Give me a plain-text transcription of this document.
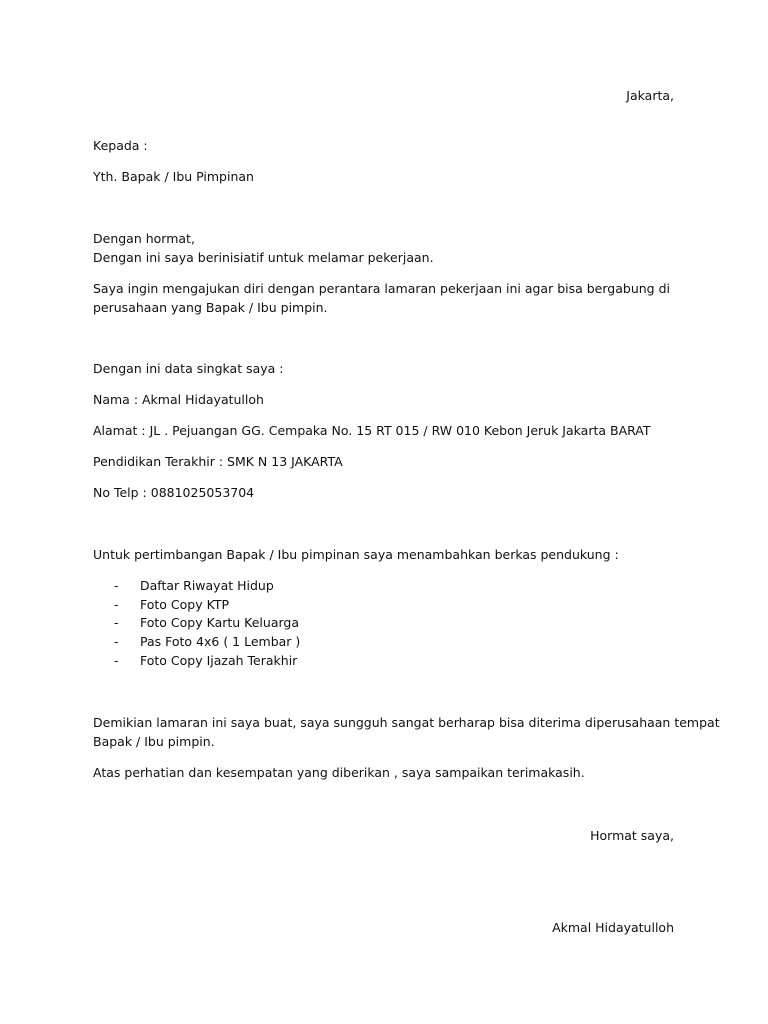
Jakarta,
Kepada :
Yth. Bapak / Ibu Pimpinan
Dengan hormat,
Dengan ini saya berinisiatif untuk melamar pekerjaan.
Saya ingin mengajukan diri dengan perantara lamaran pekerjaan ini agar bisa bergabung di
perusahaan yang Bapak / Ibu pimpin.
Dengan ini data singkat saya :
Nama : Akmal Hidayatulloh
Alamat : JL . Pejuangan GG. Cempaka No. 15 RT 015 / RW 010 Kebon Jeruk Jakarta BARAT
Pendidikan Terakhir : SMK N 13 JAKARTA
No Telp : 0881025053704
Untuk pertimbangan Bapak / Ibu pimpinan saya menambahkan berkas pendukung :
- Daftar Riwayat Hidup
- Foto Copy KTP
- Foto Copy Kartu Keluarga
- Pas Foto 4x6 ( 1 Lembar )
- Foto Copy Ijazah Terakhir
Demikian lamaran ini saya buat, saya sungguh sangat berharap bisa diterima diperusahaan tempat
Bapak / Ibu pimpin.
Atas perhatian dan kesempatan yang diberikan , saya sampaikan terimakasih.
Hormat saya,
Akmal Hidayatulloh
